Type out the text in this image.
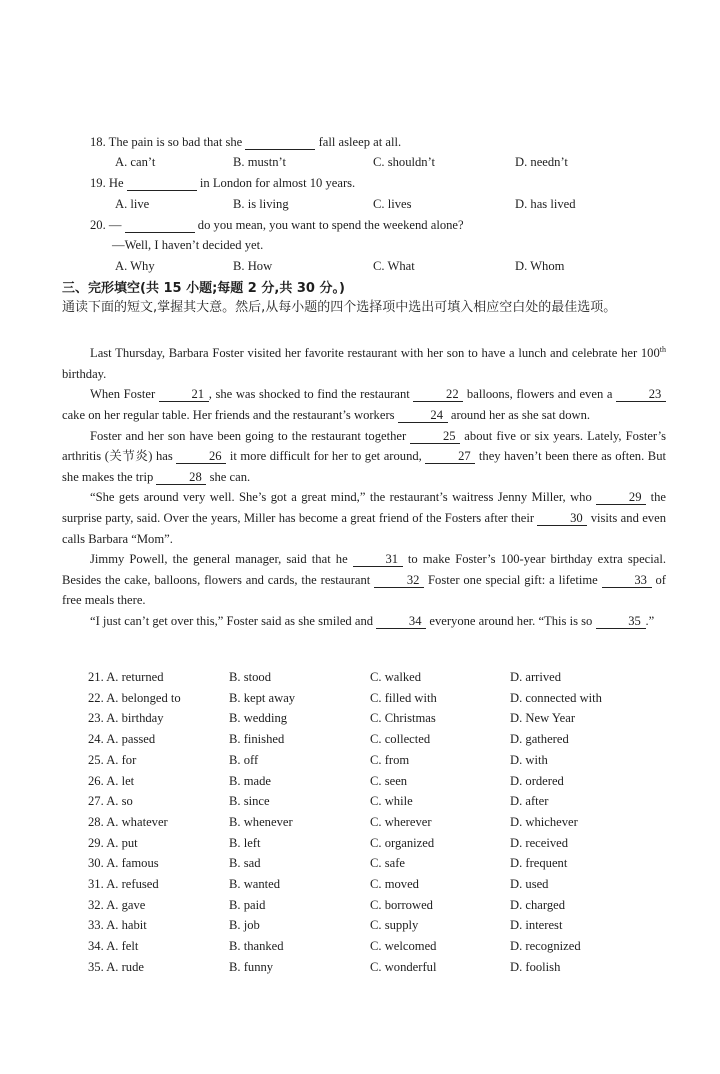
18. The pain is so bad that she	fall asleep at all.
A. can’t	B. mustn’t	C. shouldn’t	D. needn’t
19. He	in London for almost 10 years.
A. live	B. is living	C. lives	D. has lived
20. —	do you mean, you want to spend the weekend alone?
—Well, I haven’t decided yet.
A. Why	B. How	C. What	D. Whom
三、完形填空(共 15 小题;每题 2 分,共 30 分。)
通读下面的短文,掌握其大意。然后,从每小题的四个选择项中选出可填入相应空白处的最佳选项。

Last Thursday, Barbara Foster visited her favorite restaurant with her son to have a lunch and celebrate her 100th birthday.

When Foster	21 , she was shocked to find the restaurant	22 balloons, flowers and even a	23 cake on her regular table. Her friends and the restaurant’s workers	24 around her as she sat down.

Foster and her son have been going to the restaurant together	25 about five or six years. Lately, Foster’s arthritis (关节炎) has	26 it more difficult for her to get around,	27 they haven’t been there as often. But she makes the trip	28 she can.

“She gets around very well. She’s got a great mind,” the restaurant’s waitress Jenny Miller, who	29 the surprise party, said. Over the years, Miller has become a great friend of the Fosters after their	30 visits and even calls Barbara “Mom”.

Jimmy Powell, the general manager, said that he	31 to make Foster’s 100-year birthday extra special. Besides the cake, balloons, flowers and cards, the restaurant	32 Foster one special gift: a lifetime	33 of free meals there.

“I just can’t get over this,” Foster said as she smiled and	34 everyone around her. “This is so	35 .”

21. A. returned	B. stood	C. walked	D. arrived
22. A. belonged to	B. kept away	C. filled with	D. connected with
23. A. birthday	B. wedding	C. Christmas	D. New Year
24. A. passed	B. finished	C. collected	D. gathered
25. A. for	B. off	C. from	D. with
26. A. let	B. made	C. seen	D. ordered
27. A. so	B. since	C. while	D. after
28. A. whatever	B. whenever	C. wherever	D. whichever
29. A. put	B. left	C. organized	D. received
30. A. famous	B. sad	C. safe	D. frequent
31. A. refused	B. wanted	C. moved	D. used
32. A. gave	B. paid	C. borrowed	D. charged
33. A. habit	B. job	C. supply	D. interest
34. A. felt	B. thanked	C. welcomed	D. recognized
35. A. rude	B. funny	C. wonderful	D. foolish
